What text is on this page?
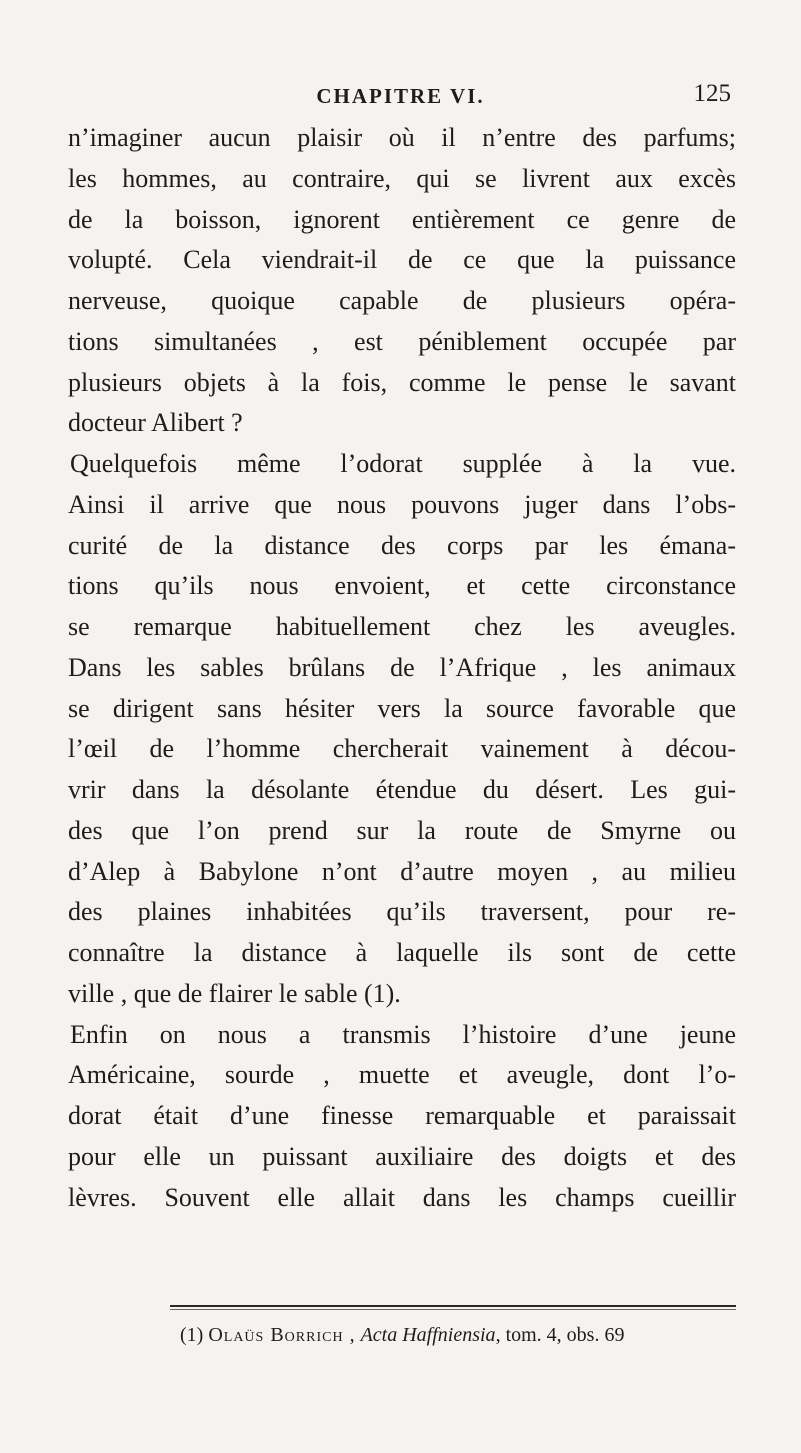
CHAPITRE VI.	125
n’imaginer aucun plaisir où il n’entre des parfums;
les hommes, au contraire, qui se livrent aux excès
de la boisson, ignorent entièrement ce genre de
volupté. Cela viendrait-il de ce que la puissance
nerveuse, quoique capable de plusieurs opéra-
tions simultanées , est péniblement occupée par
plusieurs objets à la fois, comme le pense le savant
docteur Alibert ?
Quelquefois même l’odorat supplée à la vue.
Ainsi il arrive que nous pouvons juger dans l’obs-
curité de la distance des corps par les émana-
tions qu’ils nous envoient, et cette circonstance
se remarque habituellement chez les aveugles.
Dans les sables brûlans de l’Afrique , les animaux
se dirigent sans hésiter vers la source favorable que
l’œil de l’homme chercherait vainement à décou-
vrir dans la désolante étendue du désert. Les gui-
des que l’on prend sur la route de Smyrne ou
d’Alep à Babylone n’ont d’autre moyen , au milieu
des plaines inhabitées qu’ils traversent, pour re-
connaître la distance à laquelle ils sont de cette
ville , que de flairer le sable (1).
Enfin on nous a transmis l’histoire d’une jeune
Américaine, sourde , muette et aveugle, dont l’o-
dorat était d’une finesse remarquable et paraissait
pour elle un puissant auxiliaire des doigts et des
lèvres. Souvent elle allait dans les champs cueillir
(1) Olaüs Borrich , Acta Haffniensia, tom. 4, obs. 69
